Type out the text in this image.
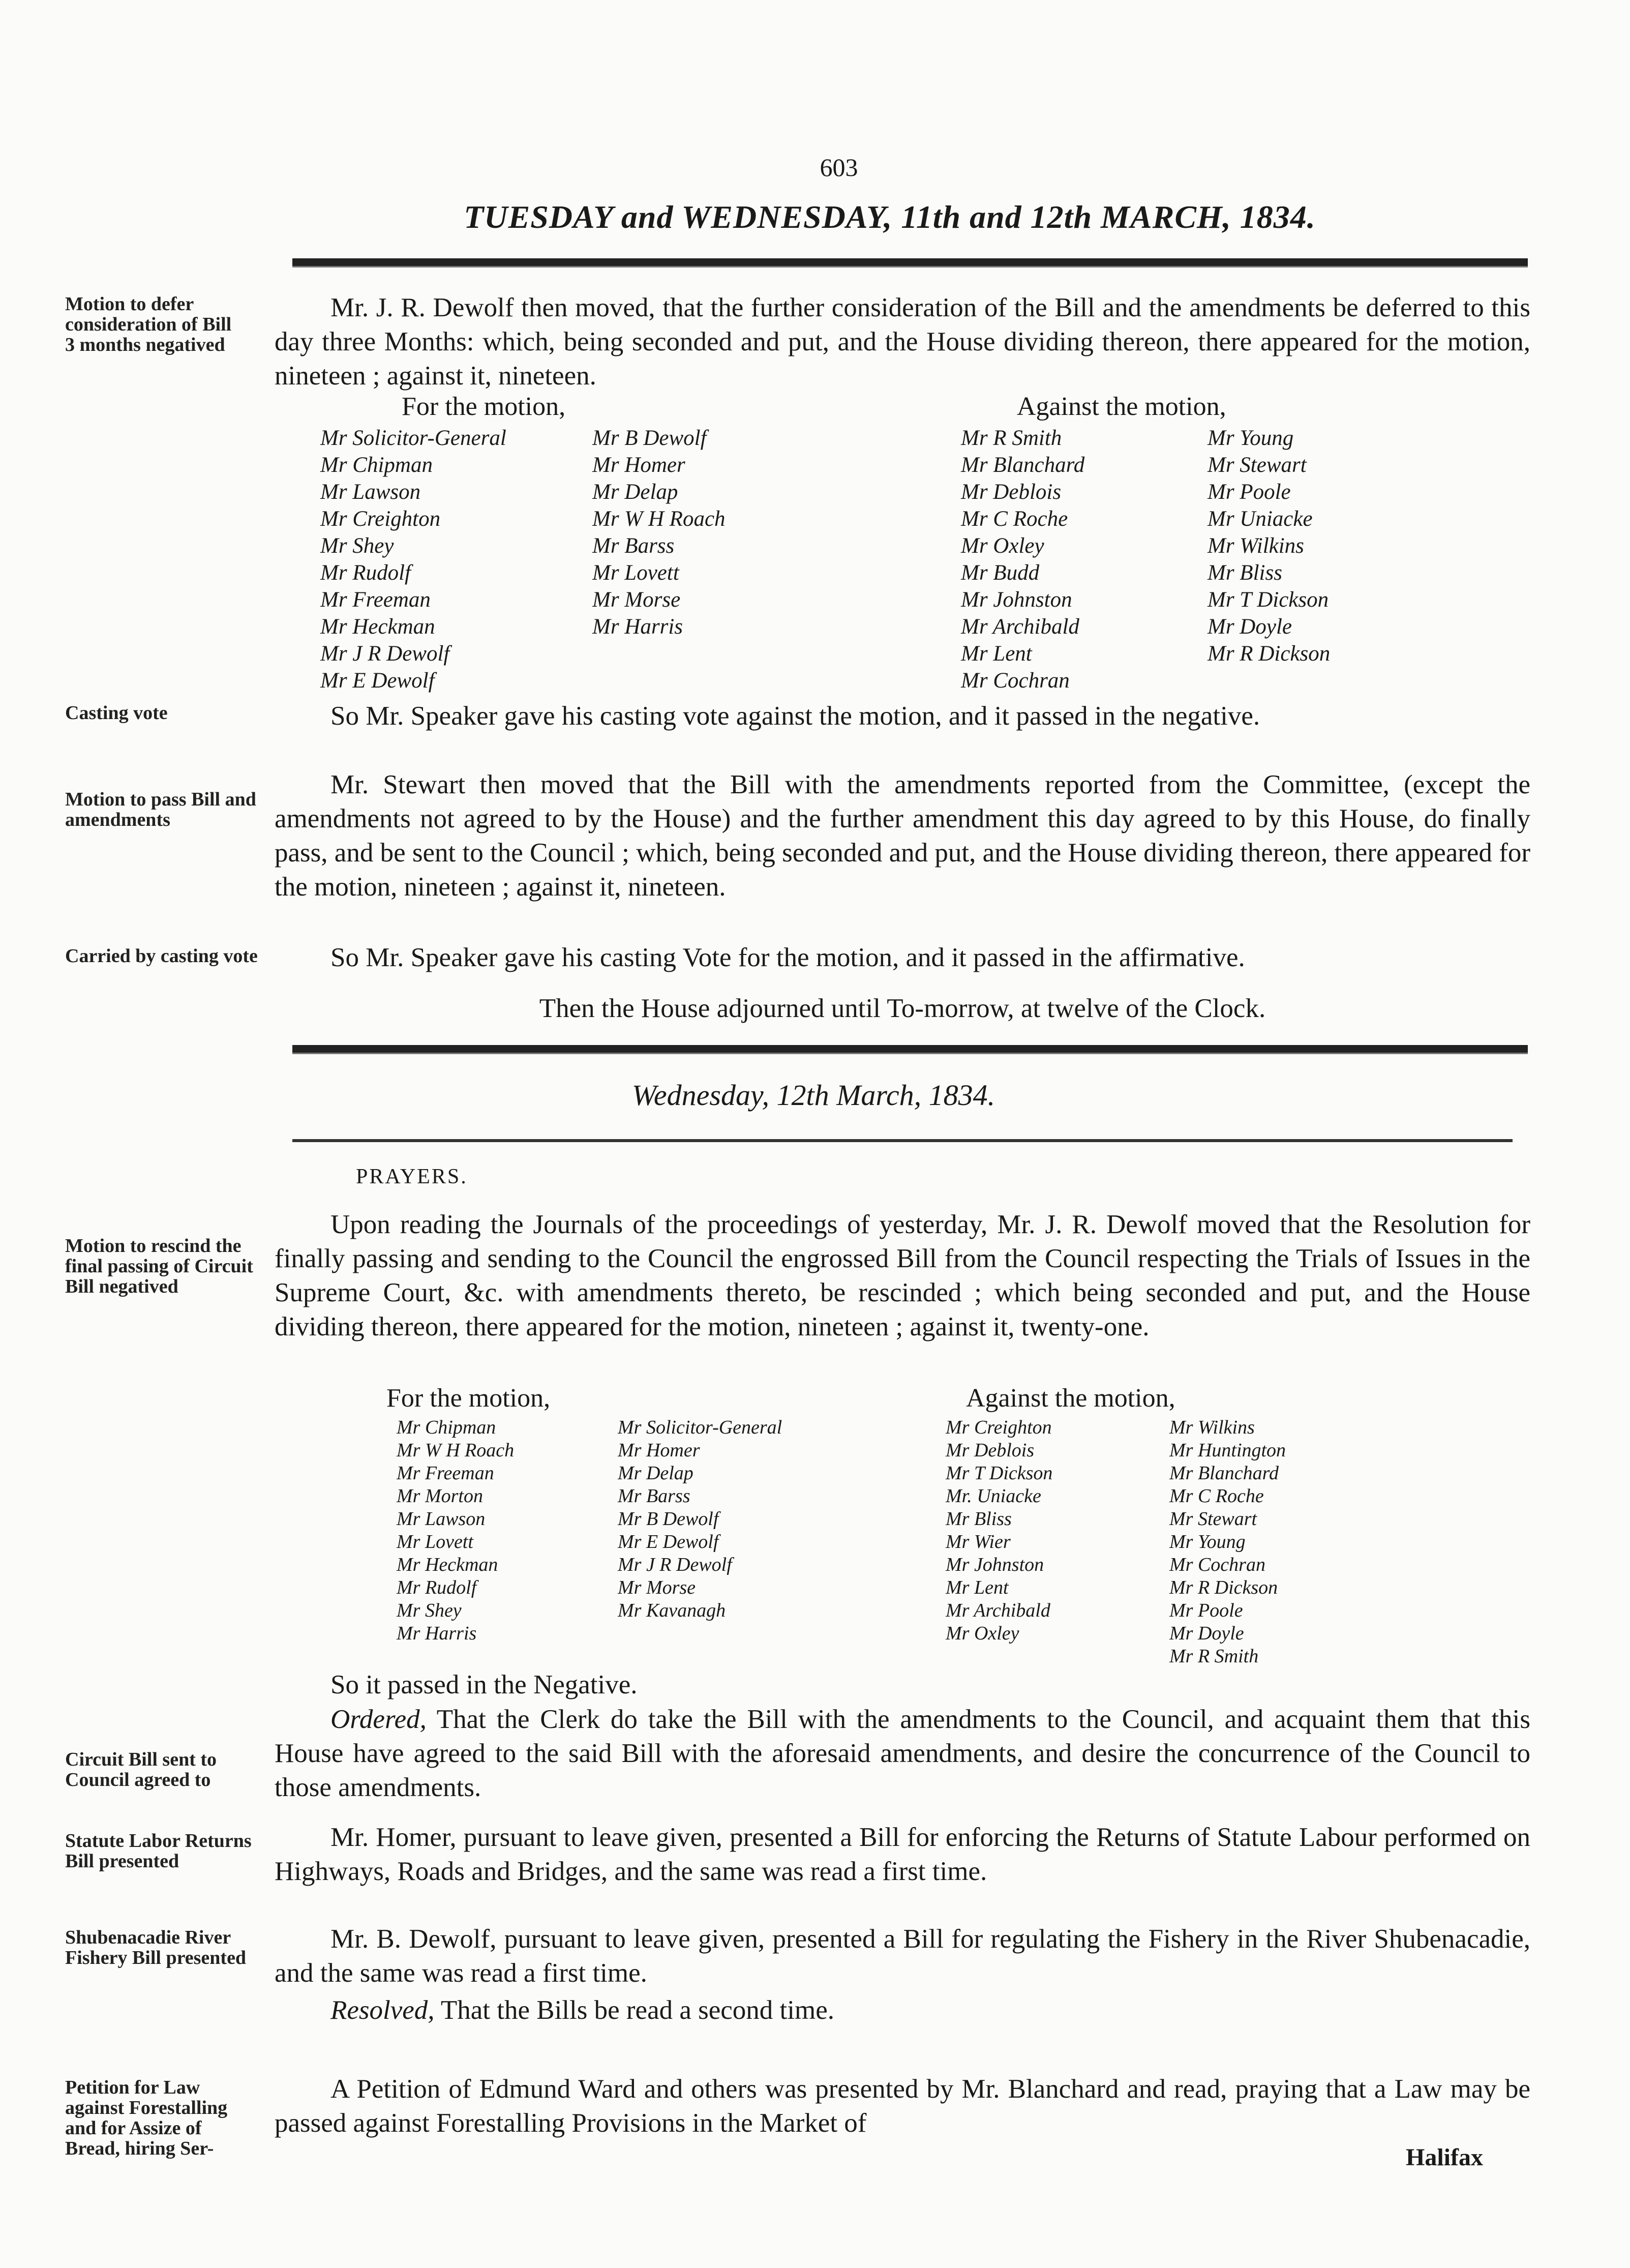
603
TUESDAY and WEDNESDAY, 11th and 12th MARCH, 1834.
Motion to defer consideration of Bill 3 months negatived
Casting vote
Motion to pass Bill and amendments
Carried by casting vote
Mr. J. R. Dewolf then moved, that the further consideration of the Bill and the amendments be deferred to this day three Months: which, being seconded and put, and the House dividing thereon, there appeared for the motion, nineteen ; against it, nineteen.
For the motion,	Against the motion,
Mr Solicitor-General
Mr Chipman
Mr Lawson
Mr Creighton
Mr Shey
Mr Rudolf
Mr Freeman
Mr Heckman
Mr J R Dewolf
Mr E Dewolf
Mr B Dewolf
Mr Homer
Mr Delap
Mr W H Roach
Mr Barss
Mr Lovett
Mr Morse
Mr Harris
Mr R Smith
Mr Blanchard
Mr Deblois
Mr C Roche
Mr Oxley
Mr Budd
Mr Johnston
Mr Archibald
Mr Lent
Mr Cochran
Mr Young
Mr Stewart
Mr Poole
Mr Uniacke
Mr Wilkins
Mr Bliss
Mr T Dickson
Mr Doyle
Mr R Dickson
So Mr. Speaker gave his casting vote against the motion, and it passed in the negative.
Mr. Stewart then moved that the Bill with the amendments reported from the Committee, (except the amendments not agreed to by the House) and the further amendment this day agreed to by this House, do finally pass, and be sent to the Council ; which, being seconded and put, and the House dividing thereon, there appeared for the motion, nineteen ; against it, nineteen.
So Mr. Speaker gave his casting Vote for the motion, and it passed in the affirmative.
Then the House adjourned until To-morrow, at twelve of the Clock.
Wednesday, 12th March, 1834.
PRAYERS.
Motion to rescind the final passing of Circuit Bill negatived
Circuit Bill sent to Council agreed to
Statute Labor Returns Bill presented
Shubenacadie River Fishery Bill presented
Petition for Law against Forestalling and for Assize of Bread, hiring Ser-
Upon reading the Journals of the proceedings of yesterday, Mr. J. R. Dewolf moved that the Resolution for finally passing and sending to the Council the engrossed Bill from the Council respecting the Trials of Issues in the Supreme Court, &c. with amendments thereto, be rescinded ; which being seconded and put, and the House dividing thereon, there appeared for the motion, nineteen ; against it, twenty-one.
For the motion,	Against the motion,
Mr Chipman
Mr W H Roach
Mr Freeman
Mr Morton
Mr Lawson
Mr Lovett
Mr Heckman
Mr Rudolf
Mr Shey
Mr Harris
Mr Solicitor-General
Mr Homer
Mr Delap
Mr Barss
Mr B Dewolf
Mr E Dewolf
Mr J R Dewolf
Mr Morse
Mr Kavanagh
Mr Creighton
Mr Deblois
Mr T Dickson
Mr. Uniacke
Mr Bliss
Mr Wier
Mr Johnston
Mr Lent
Mr Archibald
Mr Oxley
Mr Wilkins
Mr Huntington
Mr Blanchard
Mr C Roche
Mr Stewart
Mr Young
Mr Cochran
Mr R Dickson
Mr Poole
Mr Doyle
Mr R Smith
So it passed in the Negative.
Ordered, That the Clerk do take the Bill with the amendments to the Council, and acquaint them that this House have agreed to the said Bill with the aforesaid amendments, and desire the concurrence of the Council to those amendments.
Mr. Homer, pursuant to leave given, presented a Bill for enforcing the Returns of Statute Labour performed on Highways, Roads and Bridges, and the same was read a first time.
Mr. B. Dewolf, pursuant to leave given, presented a Bill for regulating the Fishery in the River Shubenacadie, and the same was read a first time.
Resolved, That the Bills be read a second time.
A Petition of Edmund Ward and others was presented by Mr. Blanchard and read, praying that a Law may be passed against Forestalling Provisions in the Market of
Halifax
